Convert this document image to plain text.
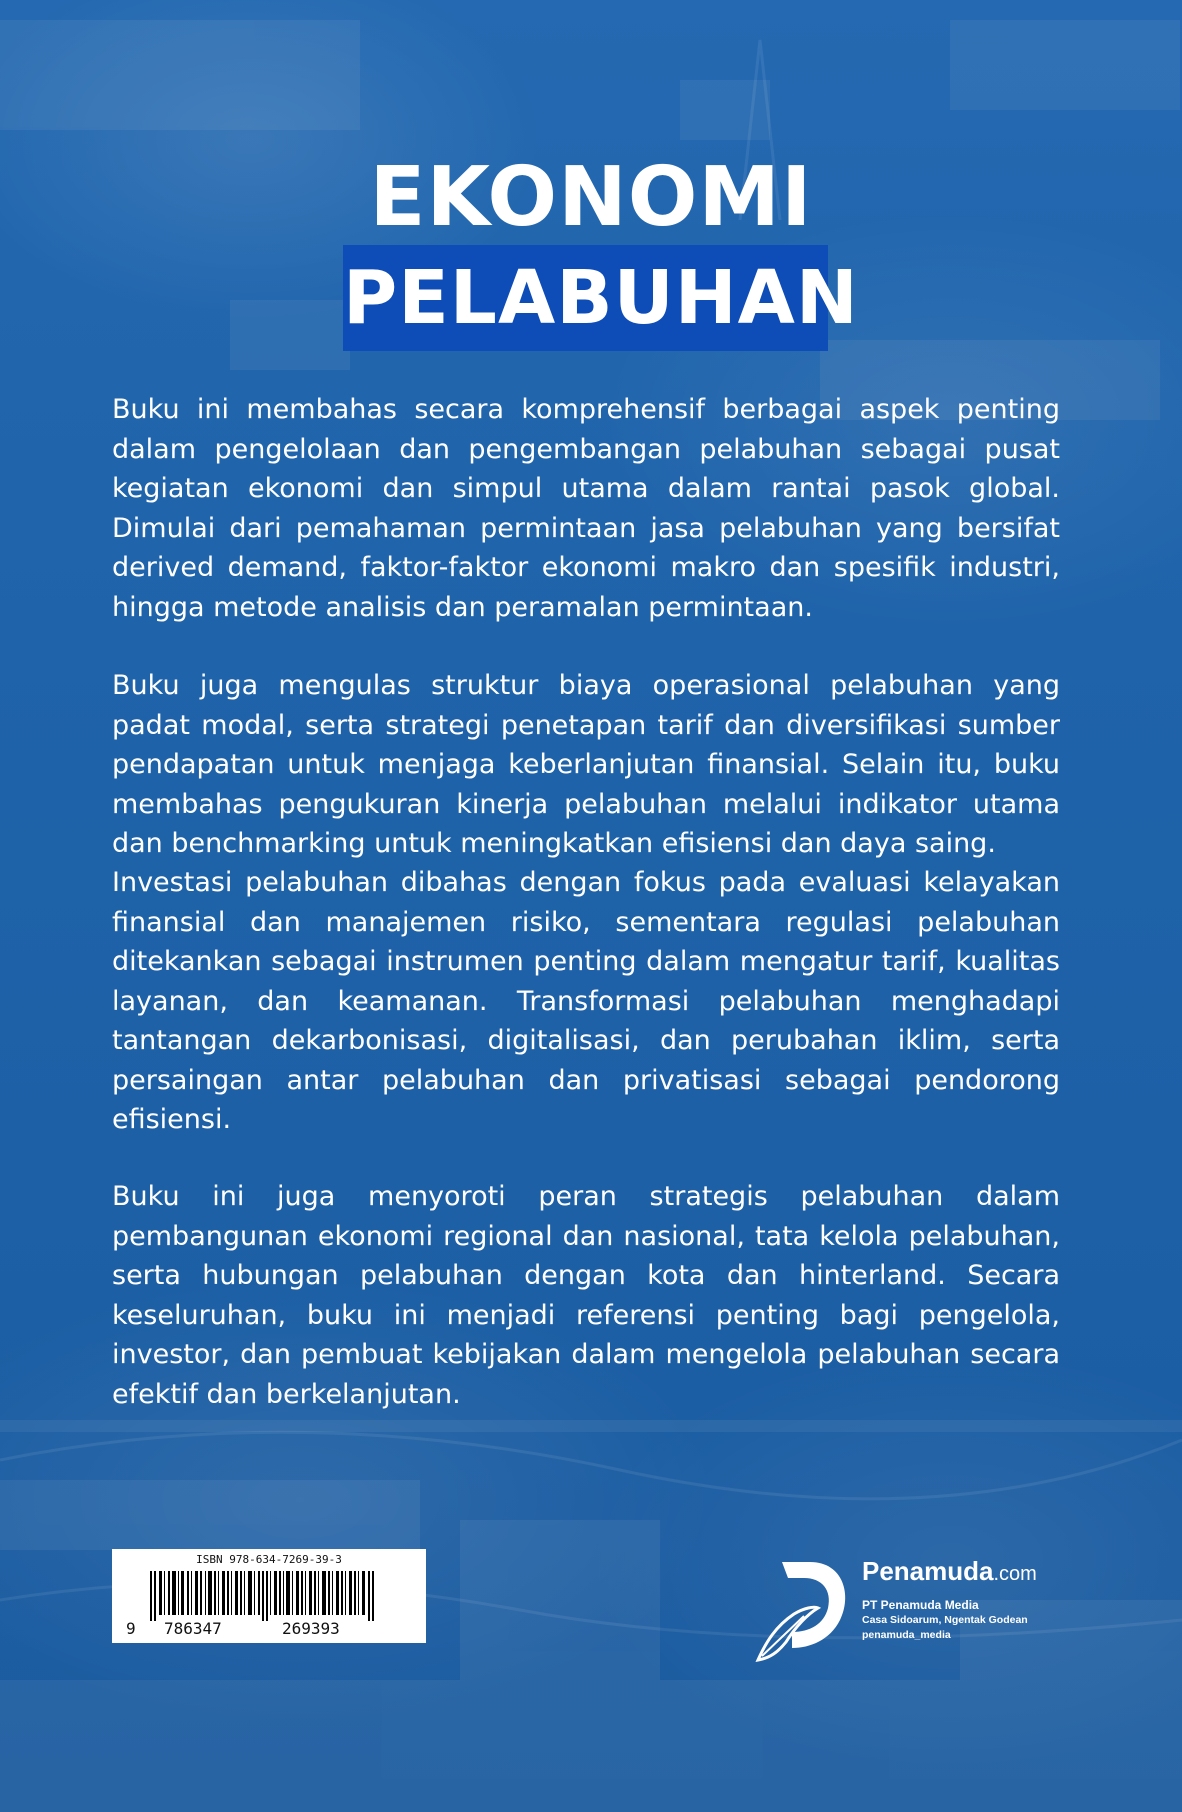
EKONOMI
PELABUHAN

Buku ini membahas secara komprehensif berbagai aspek penting dalam pengelolaan dan pengembangan pelabuhan sebagai pusat kegiatan ekonomi dan simpul utama dalam rantai pasok global. Dimulai dari pemahaman permintaan jasa pelabuhan yang bersifat derived demand, faktor-faktor ekonomi makro dan spesifik industri, hingga metode analisis dan peramalan permintaan.

Buku juga mengulas struktur biaya operasional pelabuhan yang padat modal, serta strategi penetapan tarif dan diversifikasi sumber pendapatan untuk menjaga keberlanjutan finansial. Selain itu, buku membahas pengukuran kinerja pelabuhan melalui indikator utama dan benchmarking untuk meningkatkan efisiensi dan daya saing.

Investasi pelabuhan dibahas dengan fokus pada evaluasi kelayakan finansial dan manajemen risiko, sementara regulasi pelabuhan ditekankan sebagai instrumen penting dalam mengatur tarif, kualitas layanan, dan keamanan. Transformasi pelabuhan menghadapi tantangan dekarbonisasi, digitalisasi, dan perubahan iklim, serta persaingan antar pelabuhan dan privatisasi sebagai pendorong efisiensi.

Buku ini juga menyoroti peran strategis pelabuhan dalam pembangunan ekonomi regional dan nasional, tata kelola pelabuhan, serta hubungan pelabuhan dengan kota dan hinterland. Secara keseluruhan, buku ini menjadi referensi penting bagi pengelola, investor, dan pembuat kebijakan dalam mengelola pelabuhan secara efektif dan berkelanjutan.

ISBN 978-634-7269-39-3
9 786347	269393
Penamuda.com
PT Penamuda Media
Casa Sidoarum, Ngentak Godean
penamuda_media
